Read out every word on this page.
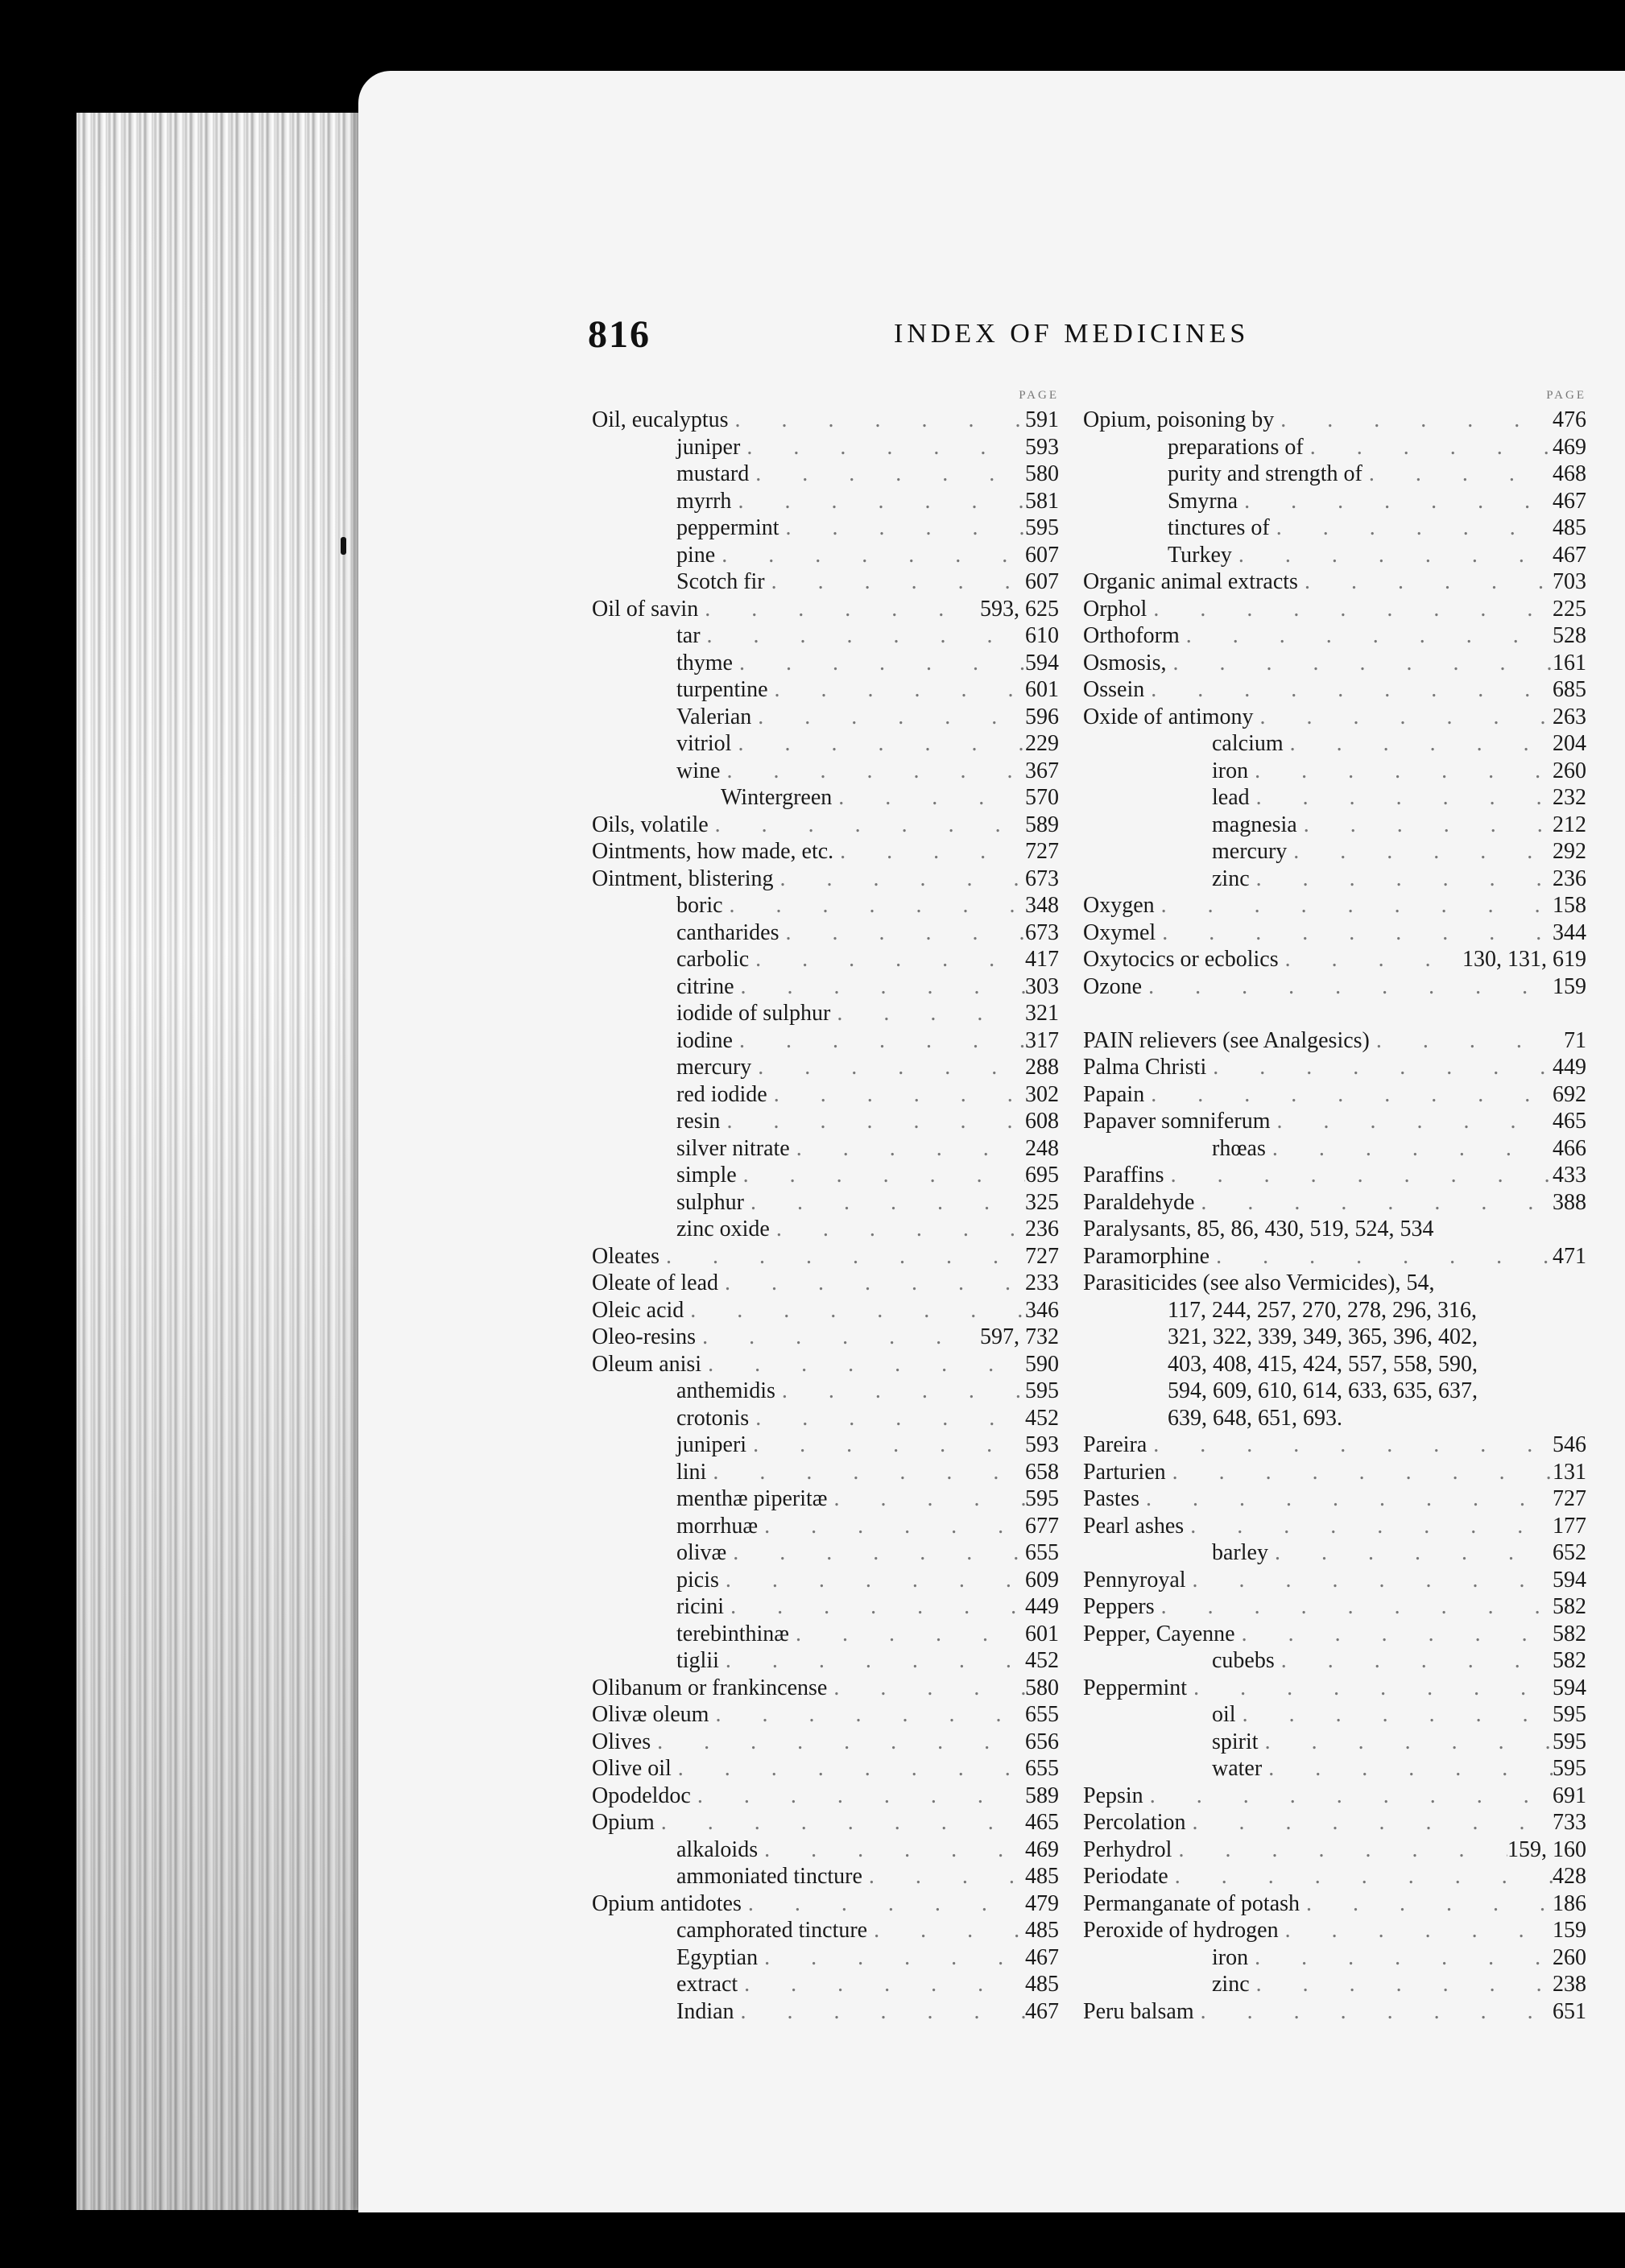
816	INDEX OF MEDICINES
PAGE
Oil, eucalyptus . . .	591
juniper . . .	593
mustard . . .	580
myrrh . . .	581
peppermint . . .	595
pine . . .	607
Scotch fir . . .	607
Oil of savin . . .	593, 625
tar . . .	610
thyme . . .	594
turpentine . . .	601
Valerian . . .	596
vitriol . . .	229
wine . . .	367
Wintergreen . . .	570
Oils, volatile . . .	589
Ointments, how made, etc. . . .	727
Ointment, blistering . . .	673
boric . . .	348
cantharides . . .	673
carbolic . . .	417
citrine . . .	303
iodide of sulphur . . .	321
iodine . . .	317
mercury . . .	288
red iodide . . .	302
resin . . .	608
silver nitrate . . .	248
simple . . .	695
sulphur . . .	325
zinc oxide . . .	236
Oleates . . .	727
Oleate of lead . . .	233
Oleic acid . . .	346
Oleo-resins . . .	597, 732
Oleum anisi . . .	590
anthemidis . . .	595
crotonis . . .	452
juniperi . . .	593
lini . . .	658
menthæ piperitæ . . .	595
morrhuæ . . .	677
olivæ . . .	655
picis . . .	609
ricini . . .	449
terebinthinæ . . .	601
tiglii . . .	452
Olibanum or frankincense . . .	580
Olivæ oleum . . .	655
Olives . . .	656
Olive oil . . .	655
Opodeldoc . . .	589
Opium . . .	465
alkaloids . . .	469
ammoniated tincture . . .	485
Opium antidotes . . .	479
camphorated tincture . . .	485
Egyptian . . .	467
extract . . .	485
Indian . . .	467
PAGE
Opium, poisoning by . . .	476
preparations of . . .	469
purity and strength of . . .	468
Smyrna . . .	467
tinctures of . . .	485
Turkey . . .	467
Organic animal extracts . . .	703
Orphol . . .	225
Orthoform . . .	528
Osmosis, . . .	161
Ossein . . .	685
Oxide of antimony . . .	263
calcium . . .	204
iron . . .	260
lead . . .	232
magnesia . . .	212
mercury . . .	292
zinc . . .	236
Oxygen . . .	158
Oxymel . . .	344
Oxytocics or ecbolics . . .	130, 131, 619
Ozone . . .	159
PAIN relievers (see Analgesics) . . .	71
Palma Christi . . .	449
Papain . . .	692
Papaver somniferum . . .	465
rhœas . . .	466
Paraffins . . .	433
Paraldehyde . . .	388
Paralysants, 85, 86, 430, 519, 524, 534
Paramorphine . . .	471
Parasiticides (see also Vermicides), 54,
117, 244, 257, 270, 278, 296, 316,
321, 322, 339, 349, 365, 396, 402,
403, 408, 415, 424, 557, 558, 590,
594, 609, 610, 614, 633, 635, 637,
639, 648, 651, 693.
Pareira . . .	546
Parturien . . .	131
Pastes . . .	727
Pearl ashes . . .	177
barley . . .	652
Pennyroyal . . .	594
Peppers . . .	582
Pepper, Cayenne . . .	582
cubebs . . .	582
Peppermint . . .	594
oil . . .	595
spirit . . .	595
water . . .	595
Pepsin . . .	691
Percolation . . .	733
Perhydrol . . .	159, 160
Periodate . . .	428
Permanganate of potash . . .	186
Peroxide of hydrogen . . .	159
iron . . .	260
zinc . . .	238
Peru balsam . . .	651
